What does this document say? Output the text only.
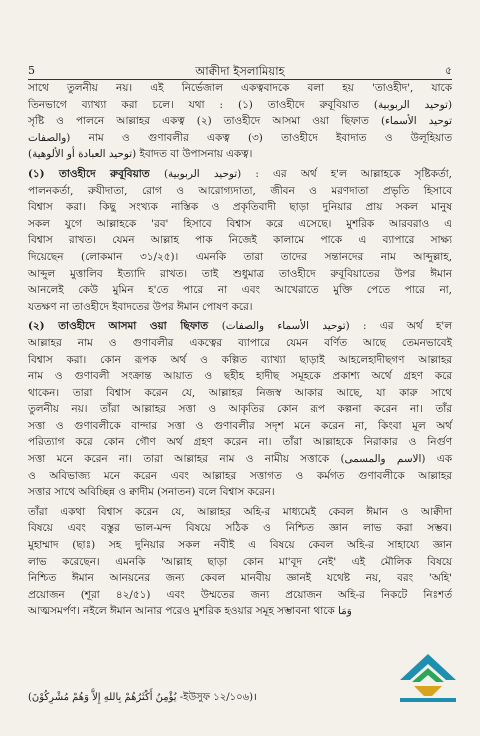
5	আক্বীদা ইসলামিয়াহ	৫

সাথে তুলনীয় নয়। এই নির্ভেজাল একত্ববাদকে বলা হয় 'তাওহীদ', যাকে

তিনভাগে ব্যাখ্যা করা চলে। যথা : (১) তাওহীদে রুবূবিয়াত (توحيد الربوبية)

সৃষ্টি ও পালনে আল্লাহর একত্ব (২) তাওহীদে আসমা ওয়া ছিফাত (توحيد الأسماء

والصفات) নাম ও গুণাবলীর একত্ব (৩) তাওহীদে ইবাদাত ও উলূহিয়াত

(توحيد العبادة أو الألوهية) ইবাদত বা উপাসনায় একত্ব।

(১) তাওহীদে রুবূবিয়াত (توحيد الربوبية) : এর অর্থ হ'ল আল্লাহকে সৃষ্টিকর্তা,

পালনকর্তা, রুযীদাতা, রোগ ও আরোগ্যদাতা, জীবন ও মরণদাতা প্রভৃতি হিসাবে

বিশ্বাস করা। কিছু সংখ্যক নাস্তিক ও প্রকৃতিবাদী ছাড়া দুনিয়ার প্রায় সকল মানুষ

সকল যুগে আল্লাহকে 'রব' হিসাবে বিশ্বাস করে এসেছে। মুশরিক আরবরাও এ

বিশ্বাস রাখত। যেমন আল্লাহ পাক নিজেই কালামে পাকে এ ব্যাপারে সাক্ষ্য

দিয়েছেন (লোকমান ৩১/২৫)। এমনকি তারা তাদের সন্তানদের নাম আব্দুল্লাহ,

আব্দুল মুত্তালিব ইত্যাদি রাখত। তাই শুধুমাত্র তাওহীদে রুবূবিয়াতের উপর ঈমান

আনলেই কেউ মুমিন হ'তে পারে না এবং আখেরাতে মুক্তি পেতে পারে না,

যতক্ষণ না তাওহীদে ইবাদতের উপর ঈমান পোষণ করে।

(২) তাওহীদে আসমা ওয়া ছিফাত (توحيد الأسماء والصفات) : এর অর্থ হ'ল

আল্লাহর নাম ও গুণাবলীর একত্বের ব্যাপারে যেমন বর্ণিত আছে তেমনভাবেই

বিশ্বাস করা। কোন রূপক অর্থ ও কল্পিত ব্যাখ্যা ছাড়াই আহলেহাদীছগণ আল্লাহর

নাম ও গুণাবলী সংক্রান্ত আয়াত ও ছহীহ হাদীছ সমূহকে প্রকাশ্য অর্থে গ্রহণ করে

থাকেন। তারা বিশ্বাস করেন যে, আল্লাহর নিজস্ব আকার আছে, যা কারু সাথে

তুলনীয় নয়। তাঁরা আল্লাহর সত্তা ও আকৃতির কোন রূপ কল্পনা করেন না। তাঁর

সত্তা ও গুণাবলীকে বান্দার সত্তা ও গুণাবলীর সদৃশ মনে করেন না, কিংবা মূল অর্থ

পরিত্যাগ করে কোন গৌণ অর্থ গ্রহণ করেন না। তাঁরা আল্লাহকে নিরাকার ও নির্গুণ

সত্তা মনে করেন না। তারা আল্লাহর নাম ও নামীয় সত্তাকে (الاسم والمسمى) এক

ও অবিভাজ্য মনে করেন এবং আল্লাহর সত্তাগত ও কর্মগত গুণাবলীকে আল্লাহর

সত্তার সাথে অবিচ্ছিন্ন ও ক্বাদীম (সনাতন) বলে বিশ্বাস করেন।

তাঁরা একথা বিশ্বাস করেন যে, আল্লাহর অহি-র মাধ্যমেই কেবল ঈমান ও আক্বীদা

বিষয়ে এবং বস্তুর ভাল-মন্দ বিষয়ে সঠিক ও নিশ্চিত জ্ঞান লাভ করা সম্ভব।

মুহাম্মাদ (ছাঃ) সহ দুনিয়ার সকল নবীই এ বিষয়ে কেবল অহি-র সাহায্যে জ্ঞান

লাভ করেছেন। এমনকি 'আল্লাহ ছাড়া কোন মা'বূদ নেই' এই মৌলিক বিষয়ে

নিশ্চিত ঈমান আনয়নের জন্য কেবল মানবীয় জ্ঞানই যথেষ্ট নয়, বরং 'অহি'

প্রয়োজন (শূরা ৪২/৫১) এবং উম্মতের জন্য প্রয়োজন অহি-র নিকটে নিঃশর্ত

আত্মসমর্পণ। নইলে ঈমান আনার পরেও মুশরিক হওয়ার সমূহ সম্ভাবনা থাকে وَمَا

(يُؤْمِنُ أَكْثَرُهُمْ بِاللهِ إِلاَّ وَهُمْ مُشْرِكُوْنَ -ইউসুফ ১২/১০৬)।
